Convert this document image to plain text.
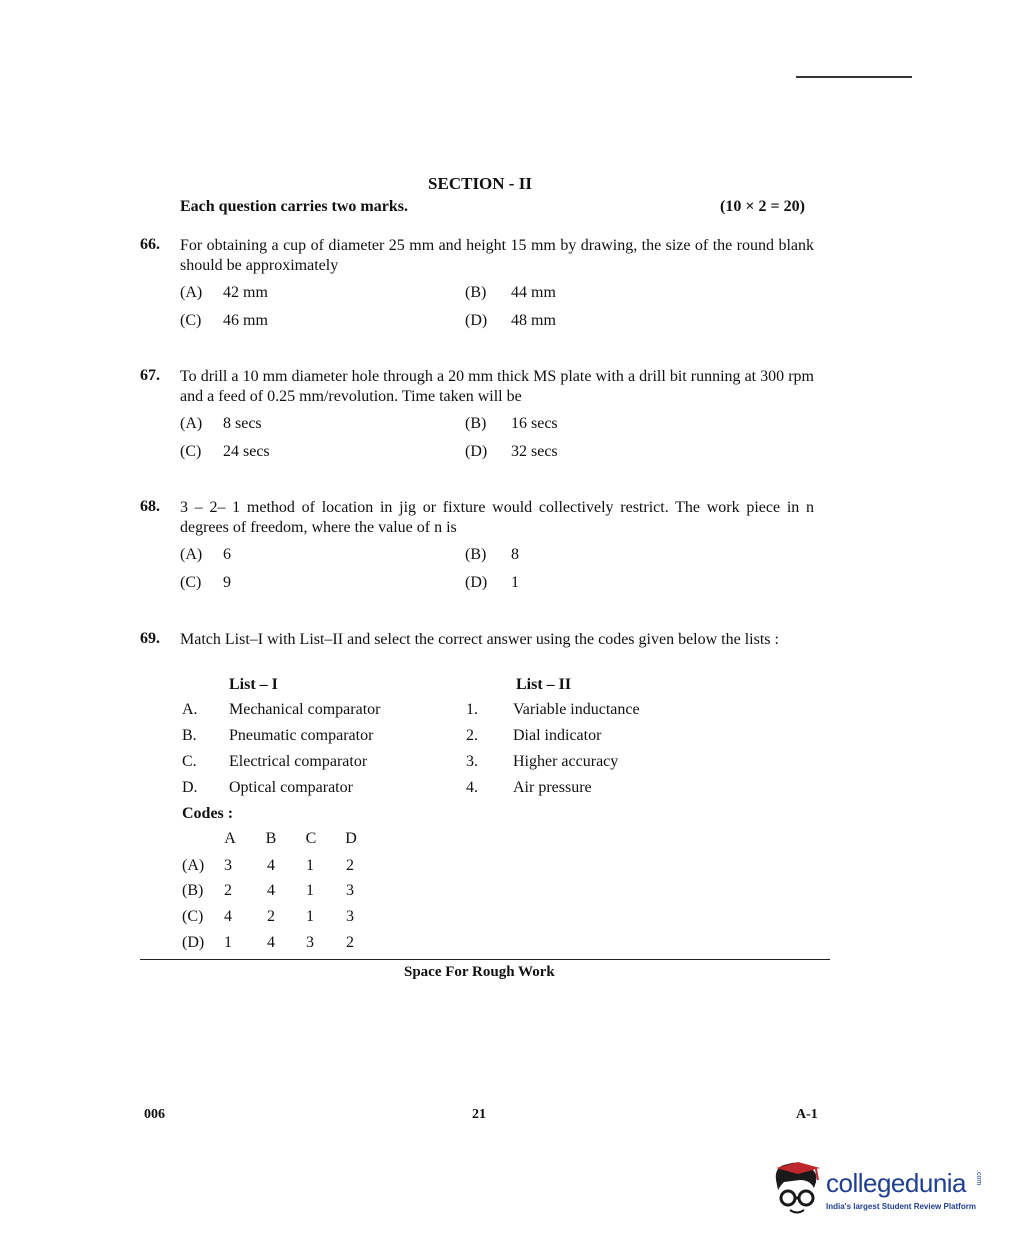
SECTION - II
Each question carries two marks.	(10 × 2 = 20)
66. For obtaining a cup of diameter 25 mm and height 15 mm by drawing, the size of the round blank should be approximately
(A) 42 mm	(B) 44 mm
(C) 46 mm	(D) 48 mm
67. To drill a 10 mm diameter hole through a 20 mm thick MS plate with a drill bit running at 300 rpm and a feed of 0.25 mm/revolution. Time taken will be
(A) 8 secs	(B) 16 secs
(C) 24 secs	(D) 32 secs
68. 3 – 2– 1 method of location in jig or fixture would collectively restrict. The work piece in n degrees of freedom, where the value of n is
(A) 6	(B) 8
(C) 9	(D) 1
69. Match List–I with List–II and select the correct answer using the codes given below the lists :
List – I	List – II
A. Mechanical comparator	1. Variable inductance
B. Pneumatic comparator	2. Dial indicator
C. Electrical comparator	3. Higher accuracy
D. Optical comparator	4. Air pressure
Codes :
A B C D
(A)	3	4	1	2
(B)	2	4	1	3
(C)	4	2	1	3
(D)	1	4	3	2
Space For Rough Work
006	21	A-1
collegedunia .com
India's largest Student Review Platform
